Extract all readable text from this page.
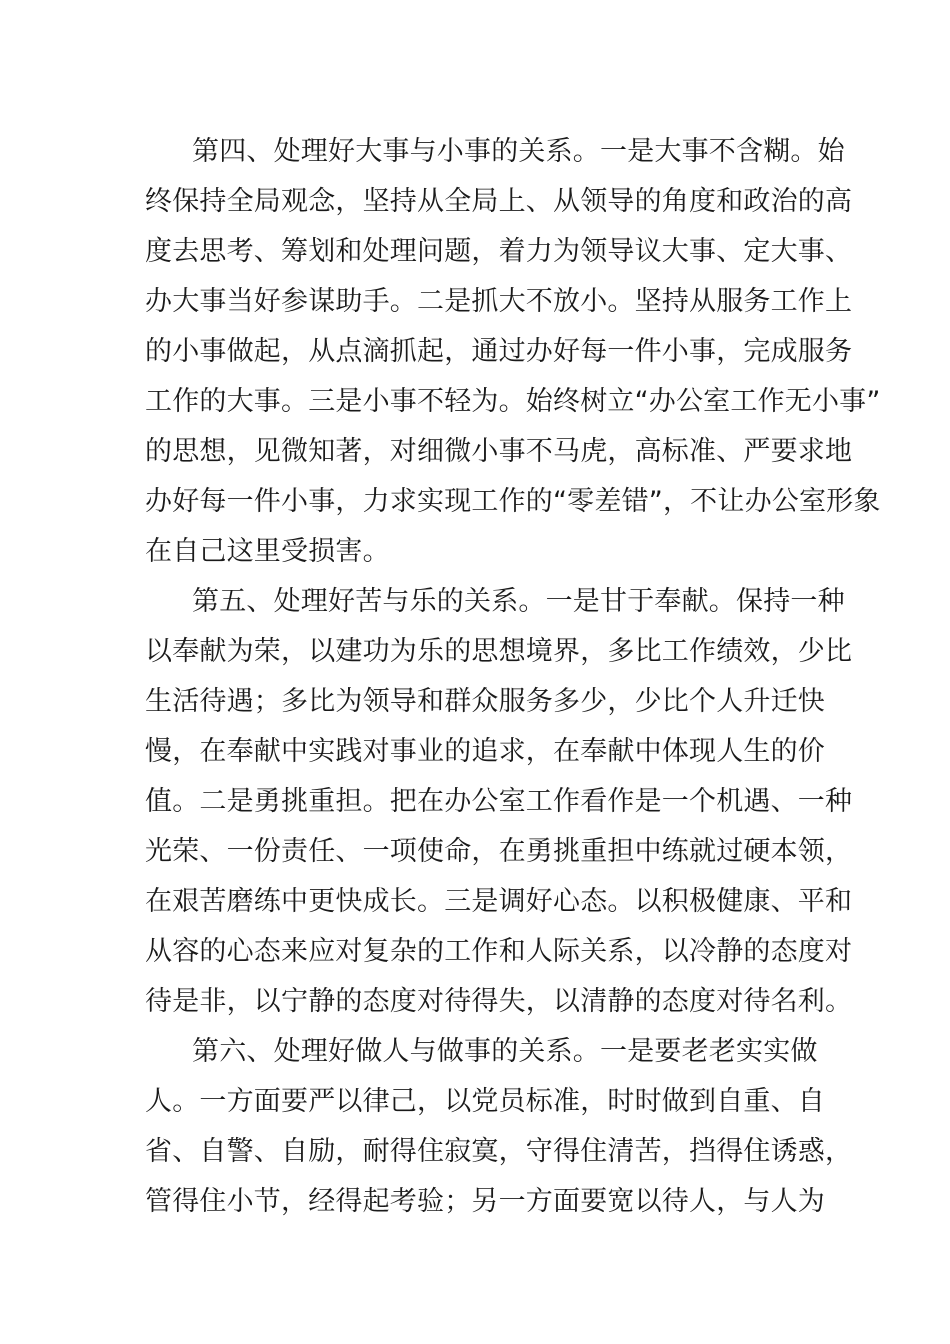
第四、处理好大事与小事的关系。一是大事不含糊。始

终保持全局观念，坚持从全局上、从领导的角度和政治的高

度去思考、筹划和处理问题，着力为领导议大事、定大事、

办大事当好参谋助手。二是抓大不放小。坚持从服务工作上

的小事做起，从点滴抓起，通过办好每一件小事，完成服务

工作的大事。三是小事不轻为。始终树立“办公室工作无小事”

的思想，见微知著，对细微小事不马虎，高标准、严要求地

办好每一件小事，力求实现工作的“零差错”，不让办公室形象

在自己这里受损害。

第五、处理好苦与乐的关系。一是甘于奉献。保持一种

以奉献为荣，以建功为乐的思想境界，多比工作绩效，少比

生活待遇；多比为领导和群众服务多少，少比个人升迁快

慢，在奉献中实践对事业的追求，在奉献中体现人生的价

值。二是勇挑重担。把在办公室工作看作是一个机遇、一种

光荣、一份责任、一项使命，在勇挑重担中练就过硬本领，

在艰苦磨练中更快成长。三是调好心态。以积极健康、平和

从容的心态来应对复杂的工作和人际关系，以冷静的态度对

待是非，以宁静的态度对待得失，以清静的态度对待名利。

第六、处理好做人与做事的关系。一是要老老实实做

人。一方面要严以律己，以党员标准，时时做到自重、自

省、自警、自励，耐得住寂寞，守得住清苦，挡得住诱惑，

管得住小节，经得起考验；另一方面要宽以待人，与人为
